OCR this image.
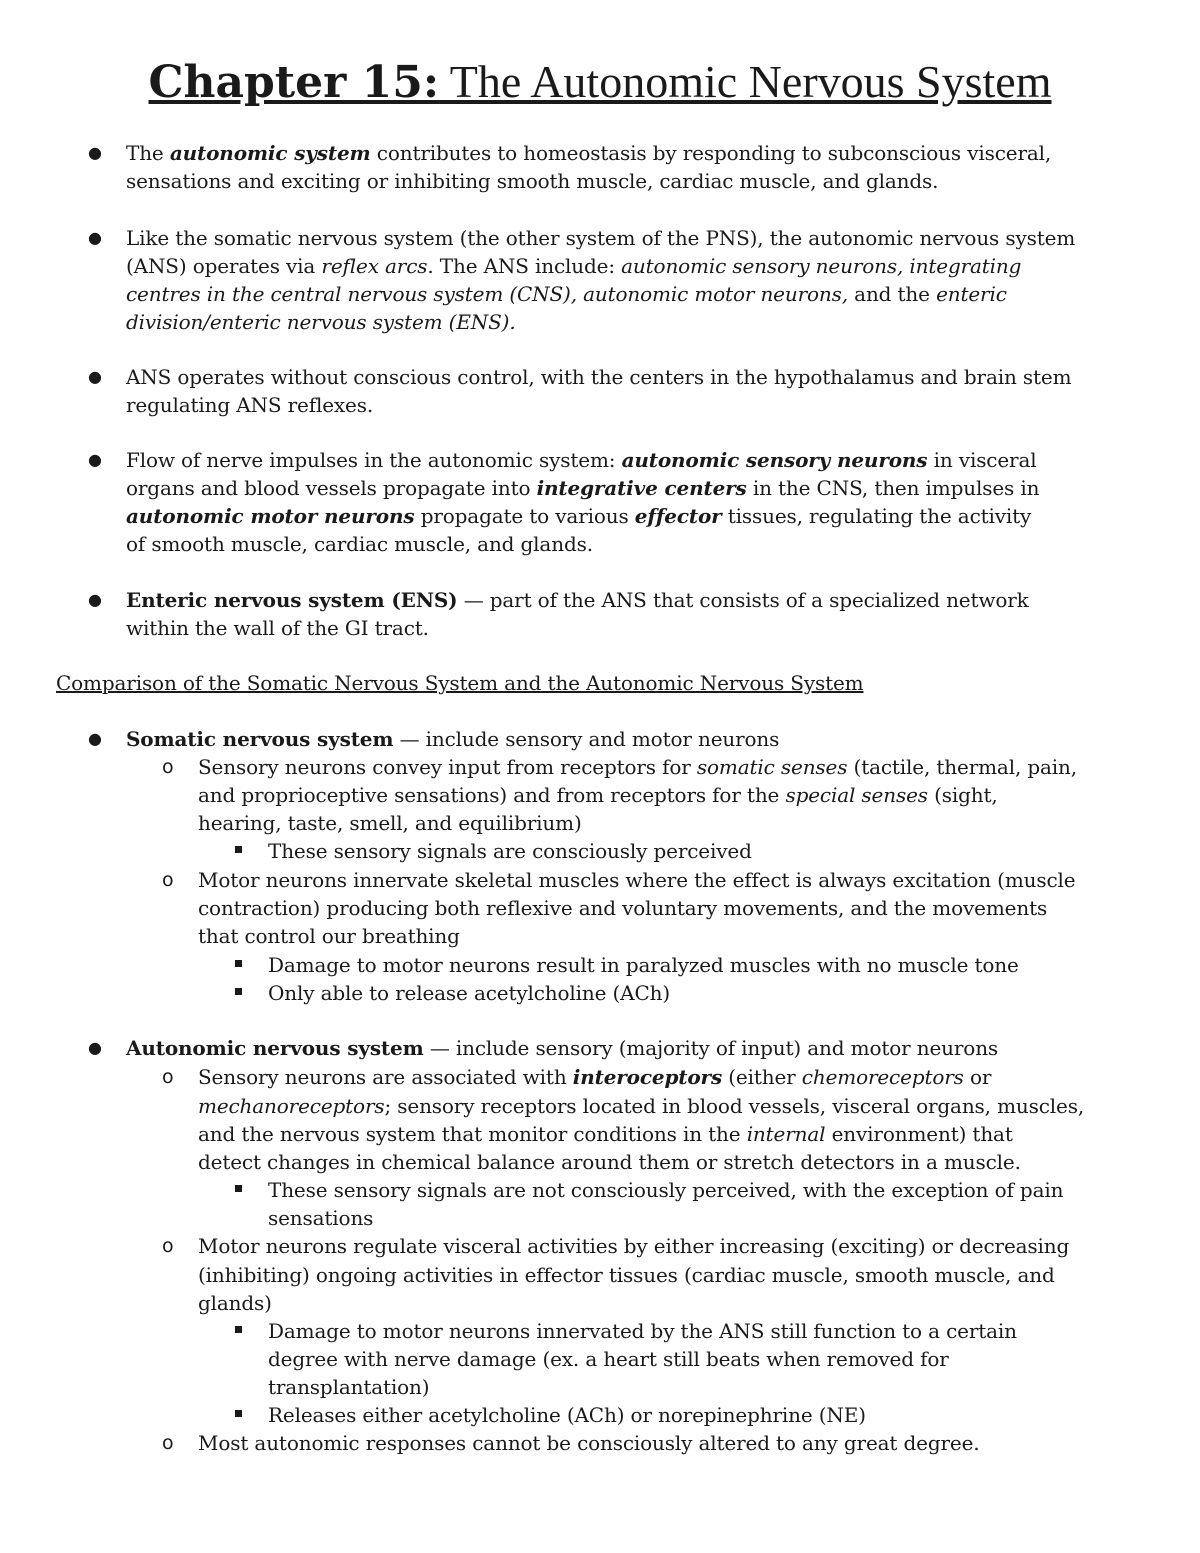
Chapter 15: The Autonomic Nervous System
● The autonomic system contributes to homeostasis by responding to subconscious visceral,
sensations and exciting or inhibiting smooth muscle, cardiac muscle, and glands.
● Like the somatic nervous system (the other system of the PNS), the autonomic nervous system
(ANS) operates via reflex arcs. The ANS include: autonomic sensory neurons, integrating
centres in the central nervous system (CNS), autonomic motor neurons, and the enteric
division/enteric nervous system (ENS).
● ANS operates without conscious control, with the centers in the hypothalamus and brain stem
regulating ANS reflexes.
● Flow of nerve impulses in the autonomic system: autonomic sensory neurons in visceral
organs and blood vessels propagate into integrative centers in the CNS, then impulses in
autonomic motor neurons propagate to various effector tissues, regulating the activity
of smooth muscle, cardiac muscle, and glands.
● Enteric nervous system (ENS) — part of the ANS that consists of a specialized network
within the wall of the GI tract.
Comparison of the Somatic Nervous System and the Autonomic Nervous System
● Somatic nervous system — include sensory and motor neurons
o Sensory neurons convey input from receptors for somatic senses (tactile, thermal, pain,
and proprioceptive sensations) and from receptors for the special senses (sight,
hearing, taste, smell, and equilibrium)
These sensory signals are consciously perceived
o Motor neurons innervate skeletal muscles where the effect is always excitation (muscle
contraction) producing both reflexive and voluntary movements, and the movements
that control our breathing
Damage to motor neurons result in paralyzed muscles with no muscle tone
Only able to release acetylcholine (ACh)
● Autonomic nervous system — include sensory (majority of input) and motor neurons
o Sensory neurons are associated with interoceptors (either chemoreceptors or
mechanoreceptors; sensory receptors located in blood vessels, visceral organs, muscles,
and the nervous system that monitor conditions in the internal environment) that
detect changes in chemical balance around them or stretch detectors in a muscle.
These sensory signals are not consciously perceived, with the exception of pain
sensations
o Motor neurons regulate visceral activities by either increasing (exciting) or decreasing
(inhibiting) ongoing activities in effector tissues (cardiac muscle, smooth muscle, and
glands)
Damage to motor neurons innervated by the ANS still function to a certain
degree with nerve damage (ex. a heart still beats when removed for
transplantation)
Releases either acetylcholine (ACh) or norepinephrine (NE)
o Most autonomic responses cannot be consciously altered to any great degree.
